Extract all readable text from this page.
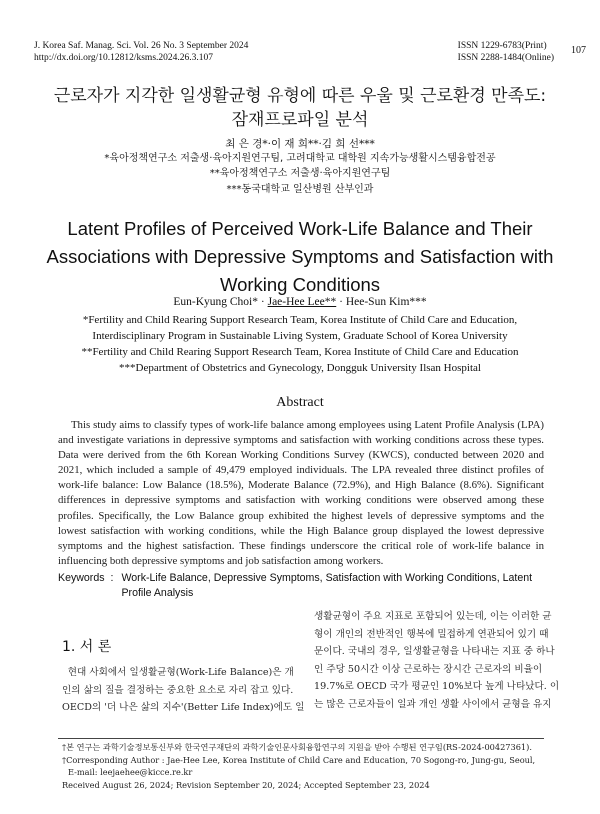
J. Korea Saf. Manag. Sci. Vol. 26 No. 3 September 2024
http://dx.doi.org/10.12812/ksms.2024.26.3.107
ISSN 1229-6783(Print)
ISSN 2288-1484(Online)
107
근로자가 지각한 일생활균형 유형에 따른 우울 및 근로환경 만족도:
잠재프로파일 분석
최 은 경*·이 재 희**·김 희 선***
*육아정책연구소 저출생·육아지원연구팀, 고려대학교 대학원 지속가능생활시스템융합전공
**육아정책연구소 저출생·육아지원연구팀
***동국대학교 일산병원 산부인과
Latent Profiles of Perceived Work-Life Balance and Their
Associations with Depressive Symptoms and Satisfaction with
Working Conditions
Eun-Kyung Choi* · Jae-Hee Lee** · Hee-Sun Kim***
*Fertility and Child Rearing Support Research Team, Korea Institute of Child Care and Education,
Interdisciplinary Program in Sustainable Living System, Graduate School of Korea University
**Fertility and Child Rearing Support Research Team, Korea Institute of Child Care and Education
***Department of Obstetrics and Gynecology, Dongguk University Ilsan Hospital
Abstract
This study aims to classify types of work-life balance among employees using Latent Profile Analysis (LPA) and investigate variations in depressive symptoms and satisfaction with working conditions across these types. Data were derived from the 6th Korean Working Conditions Survey (KWCS), conducted between 2020 and 2021, which included a sample of 49,479 employed individuals. The LPA revealed three distinct profiles of work-life balance: Low Balance (18.5%), Moderate Balance (72.9%), and High Balance (8.6%). Significant differences in depressive symptoms and satisfaction with working conditions were observed among these profiles. Specifically, the Low Balance group exhibited the highest levels of depressive symptoms and the lowest satisfaction with working conditions, while the High Balance group displayed the lowest depressive symptoms and the highest satisfaction. These findings underscore the critical role of work-life balance in influencing both depressive symptoms and job satisfaction among workers.
Keywords : Work-Life Balance, Depressive Symptoms, Satisfaction with Working Conditions, Latent Profile Analysis
1. 서 론
현대 사회에서 일생활균형(Work-Life Balance)은 개
인의 삶의 질을 결정하는 중요한 요소로 자리 잡고 있다.
OECD의 '더 나은 삶의 지수'(Better Life Index)에도 일
생활균형이 주요 지표로 포함되어 있는데, 이는 이러한 균
형이 개인의 전반적인 행복에 밀접하게 연관되어 있기 때
문이다. 국내의 경우, 일생활균형을 나타내는 지표 중 하나
인 주당 50시간 이상 근로하는 장시간 근로자의 비율이
19.7%로 OECD 국가 평균인 10%보다 높게 나타났다. 이
는 많은 근로자들이 일과 개인 생활 사이에서 균형을 유지
†본 연구는 과학기술정보통신부와 한국연구재단의 과학기술인문사회융합연구의 지원을 받아 수행된 연구임(RS-2024-00427361).
†Corresponding Author : Jae-Hee Lee, Korea Institute of Child Care and Education, 70 Sogong-ro, Jung-gu, Seoul,
E-mail: leejaehee@kicce.re.kr
Received August 26, 2024; Revision September 20, 2024; Accepted September 23, 2024
